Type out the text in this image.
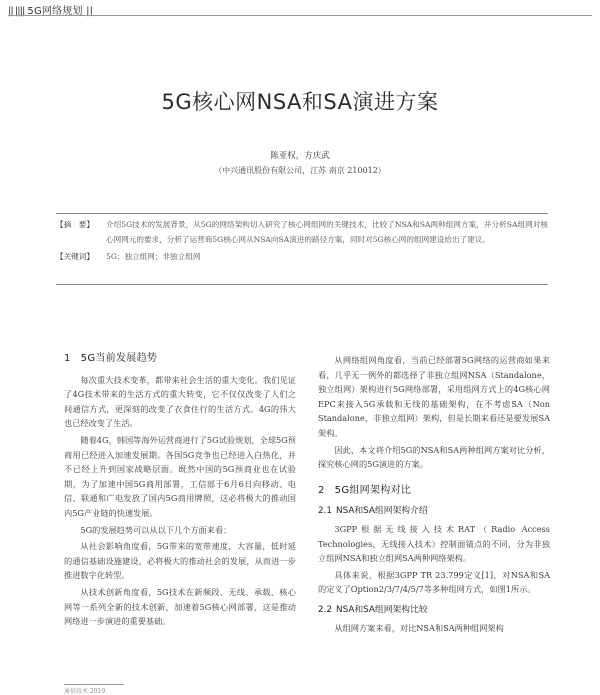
|| |||| 5G网络规划 ||
5G核心网NSA和SA演进方案
陈亚权，方庆武
（中兴通讯股份有限公司，江苏 南京 210012）
【摘　要】	介绍5G技术的发展背景，从5G的网络架构切入研究了核心网组网的关键技术，比较了NSA和SA两种组网方案，并分析SA组网对核心网网元的要求，分析了运营商5G核心网从NSA向SA演进的路径方案，同时对5G核心网的组网建设给出了建议。
【关键词】	5G；独立组网；非独立组网
1 5G当前发展趋势

每次重大技术变革，都带来社会生活的重大变化。我们见证了4G技术带来的生活方式的重大转变，它不仅仅改变了人们之间通信方式，更深刻的改变了衣食住行的生活方式。4G的伟大也已经改变了生活。

随着4G，韩国等海外运营商进行了5G试验规划，全球5G预商用已经进入加速发展期。各国5G竞争也已经进入白热化，并不已经上升到国家战略层面。既然中国的5G预商业也在试验期，为了加速中国5G商用部署，工信部于6月6日向移动、电信、联通和广电发放了国内5G商用牌照，这必将极大的推动国内5G产业链的快速发展。

5G的发展趋势可以从以下几个方面来看：

从社会影响角度看，5G带来的宽带速度，大容量，低时延的通信基础设施建设，必将极大的推动社会的发展，从而进一步推进数字化转型。

从技术创新角度看，5G技术在新频段、无线、承载、核心网等一系列全新的技术创新，加速着5G核心网部署，这是推动网络进一步演进的重要基础。

从网络组网角度看，当前已经部署5G网络的运营商如果来看，几乎无一例外的都选择了非独立组网NSA（Standalone，独立组网）架构进行5G网络部署，采用组网方式上的4G核心网EPC来接入5G承载和无线的基础架构，在不考虑SA（Non Standalone，非独立组网）架构，但是长期来看还是要发展SA架构。

因此，本文将介绍5G的NSA和SA两种组网方案对比分析，探究核心网的5G演进的方案。

2 5G组网架构对比
2.1 NSA和SA组网架构介绍

3GPP根据无线接入技术RAT（Radio Access Technologies，无线接入技术）控制面锚点的不同，分为非独立组网NSA和独立组网SA两种网络架构。

具体来说，根据3GPP TR 23.799定义[1]，对NSA和SA的定义了Option2/3/7/4/5/7等多种组网方式，如图1所示。

2.2 NSA和SA组网架构比较

从组网方案来看，对比NSA和SA两种组网架构

通信技术 2019
